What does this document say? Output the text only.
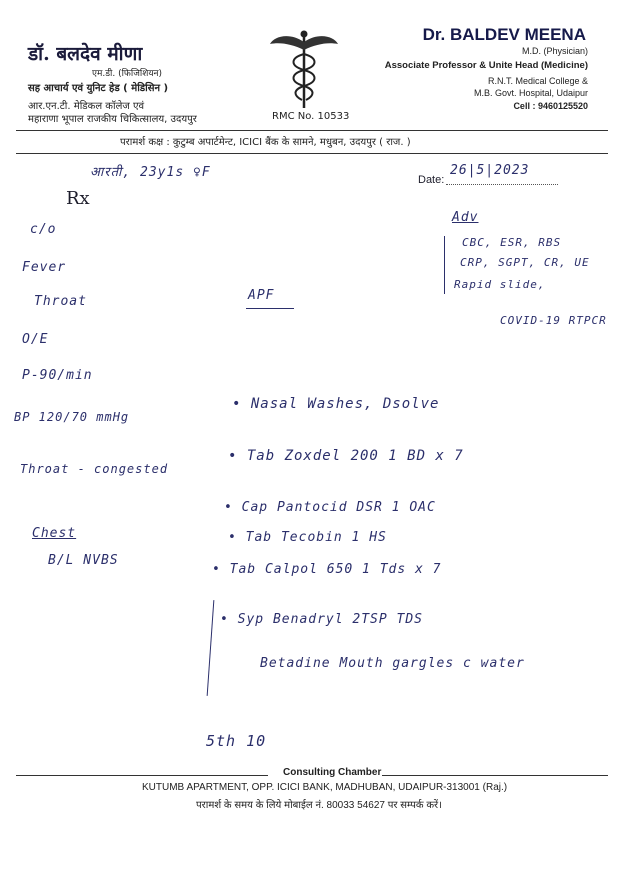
डॉ. बलदेव मीणा
एम.डी. (फिजिशियन)
सह आचार्य एवं युनिट हेड ( मेडिसिन )
आर.एन.टी. मेडिकल कॉलेज एवं
महाराणा भूपाल राजकीय चिकित्सालय, उदयपुर	RMC No. 10533
Dr. BALDEV MEENA
M.D. (Physician)
Associate Professor & Unite Head (Medicine)
R.N.T. Medical College &
M.B. Govt. Hospital, Udaipur
Cell : 9460125520
परामर्श कक्ष : कुटुम्ब अपार्टमेन्ट, ICICI बैंक के सामने, मधुबन, उदयपुर ( राज. )
आरती, 23y1s ♀F	Date:
26|5|2023
Rx
c/o
Fever
Throat
O/E
P-90/min
BP 120/70 mmHg
Throat - congested
Chest
B/L NVBS
Adv
CBC, ESR, RBS
CRP, SGPT, CR, UE
Rapid slide,
COVID-19 RTPCR
APF
• Nasal Washes, Dsolve
• Tab Zoxdel 200 1 BD x 7
• Cap Pantocid DSR 1 OAC
• Tab Tecobin 1 HS
• Tab Calpol 650 1 Tds x 7
• Syp Benadryl 2TSP TDS
Betadine Mouth gargles c water
5th 10
Consulting Chamber
KUTUMB APARTMENT, OPP. ICICI BANK, MADHUBAN, UDAIPUR-313001 (Raj.)
परामर्श के समय के लिये मोबाईल नं. 80033 54627 पर सम्पर्क करें।
